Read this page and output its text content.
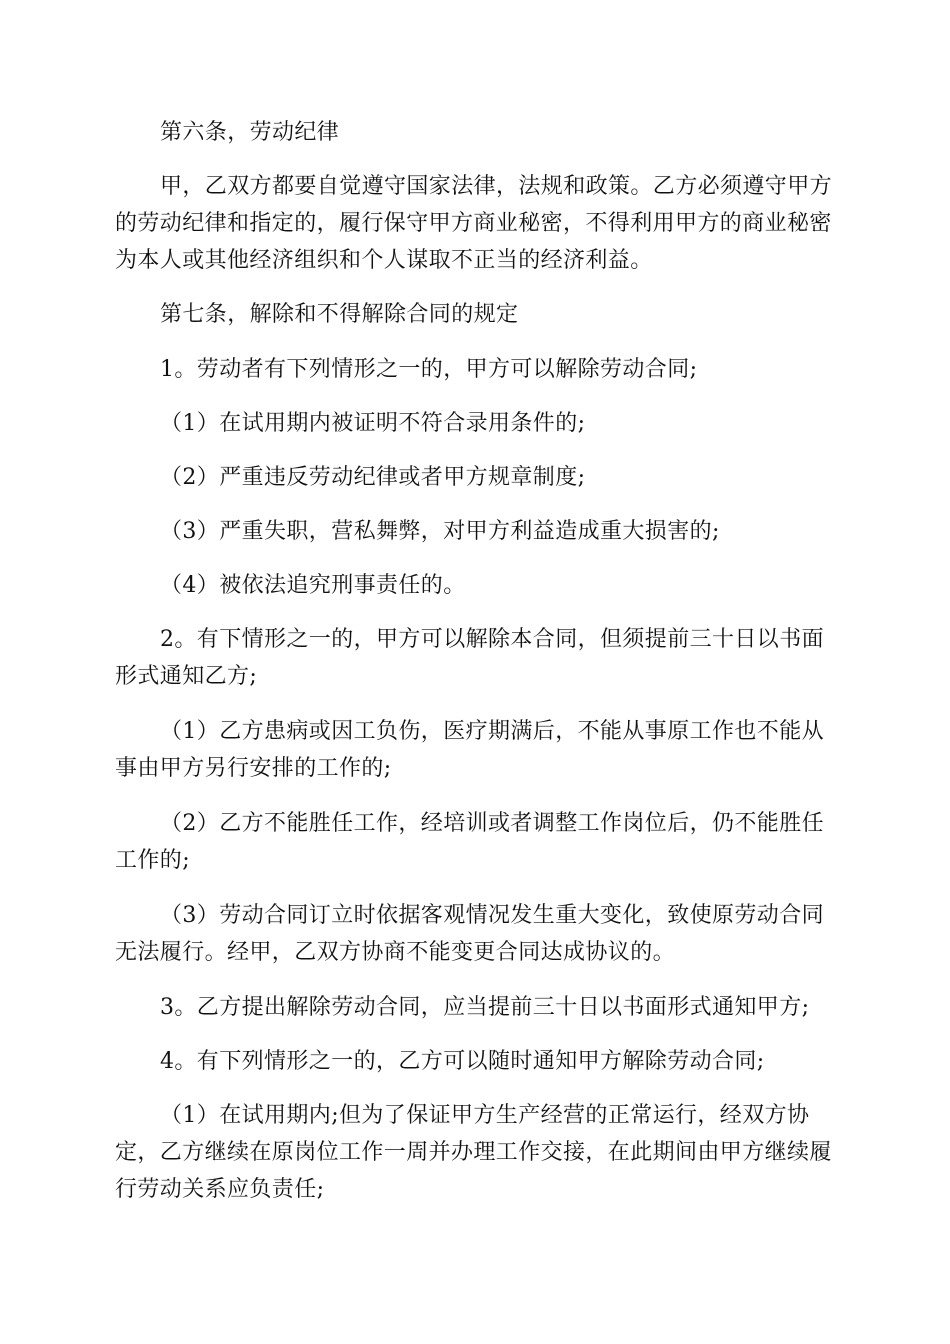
第六条，劳动纪律

甲，乙双方都要自觉遵守国家法律，法规和政策。乙方必须遵守甲方的劳动纪律和指定的，履行保守甲方商业秘密，不得利用甲方的商业秘密为本人或其他经济组织和个人谋取不正当的经济利益。

第七条，解除和不得解除合同的规定

1。劳动者有下列情形之一的，甲方可以解除劳动合同;

（1）在试用期内被证明不符合录用条件的;

（2）严重违反劳动纪律或者甲方规章制度;

（3）严重失职，营私舞弊，对甲方利益造成重大损害的;

（4）被依法追究刑事责任的。

2。有下情形之一的，甲方可以解除本合同，但须提前三十日以书面形式通知乙方;

（1）乙方患病或因工负伤，医疗期满后，不能从事原工作也不能从事由甲方另行安排的工作的;

（2）乙方不能胜任工作，经培训或者调整工作岗位后，仍不能胜任工作的;

（3）劳动合同订立时依据客观情况发生重大变化，致使原劳动合同无法履行。经甲，乙双方协商不能变更合同达成协议的。

3。乙方提出解除劳动合同，应当提前三十日以书面形式通知甲方;

4。有下列情形之一的，乙方可以随时通知甲方解除劳动合同;

（1）在试用期内;但为了保证甲方生产经营的正常运行，经双方协定，乙方继续在原岗位工作一周并办理工作交接，在此期间由甲方继续履行劳动关系应负责任;
